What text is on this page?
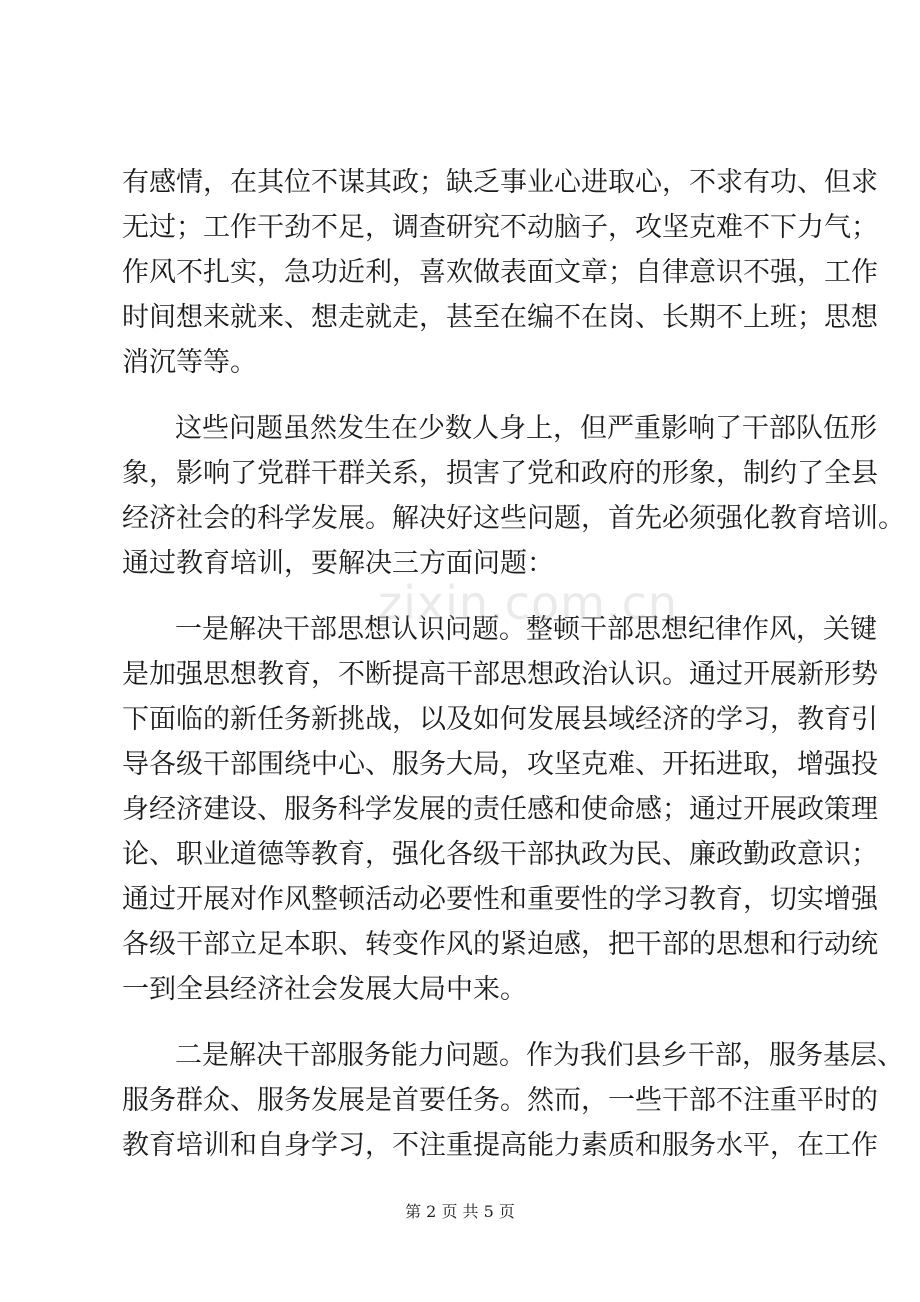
有感情，在其位不谋其政；缺乏事业心进取心，不求有功、但求
无过；工作干劲不足，调查研究不动脑子，攻坚克难不下力气；
作风不扎实，急功近利，喜欢做表面文章；自律意识不强，工作
时间想来就来、想走就走，甚至在编不在岗、长期不上班；思想
消沉等等。
这些问题虽然发生在少数人身上，但严重影响了干部队伍形
象，影响了党群干群关系，损害了党和政府的形象，制约了全县
经济社会的科学发展。解决好这些问题，首先必须强化教育培训。
通过教育培训，要解决三方面问题：
一是解决干部思想认识问题。整顿干部思想纪律作风，关键
是加强思想教育，不断提高干部思想政治认识。通过开展新形势
下面临的新任务新挑战，以及如何发展县域经济的学习，教育引
导各级干部围绕中心、服务大局，攻坚克难、开拓进取，增强投
身经济建设、服务科学发展的责任感和使命感；通过开展政策理
论、职业道德等教育，强化各级干部执政为民、廉政勤政意识；
通过开展对作风整顿活动必要性和重要性的学习教育，切实增强
各级干部立足本职、转变作风的紧迫感，把干部的思想和行动统
一到全县经济社会发展大局中来。
二是解决干部服务能力问题。作为我们县乡干部，服务基层、
服务群众、服务发展是首要任务。然而，一些干部不注重平时的
教育培训和自身学习，不注重提高能力素质和服务水平，在工作
zixin.com.cn
第 2 页 共 5 页
